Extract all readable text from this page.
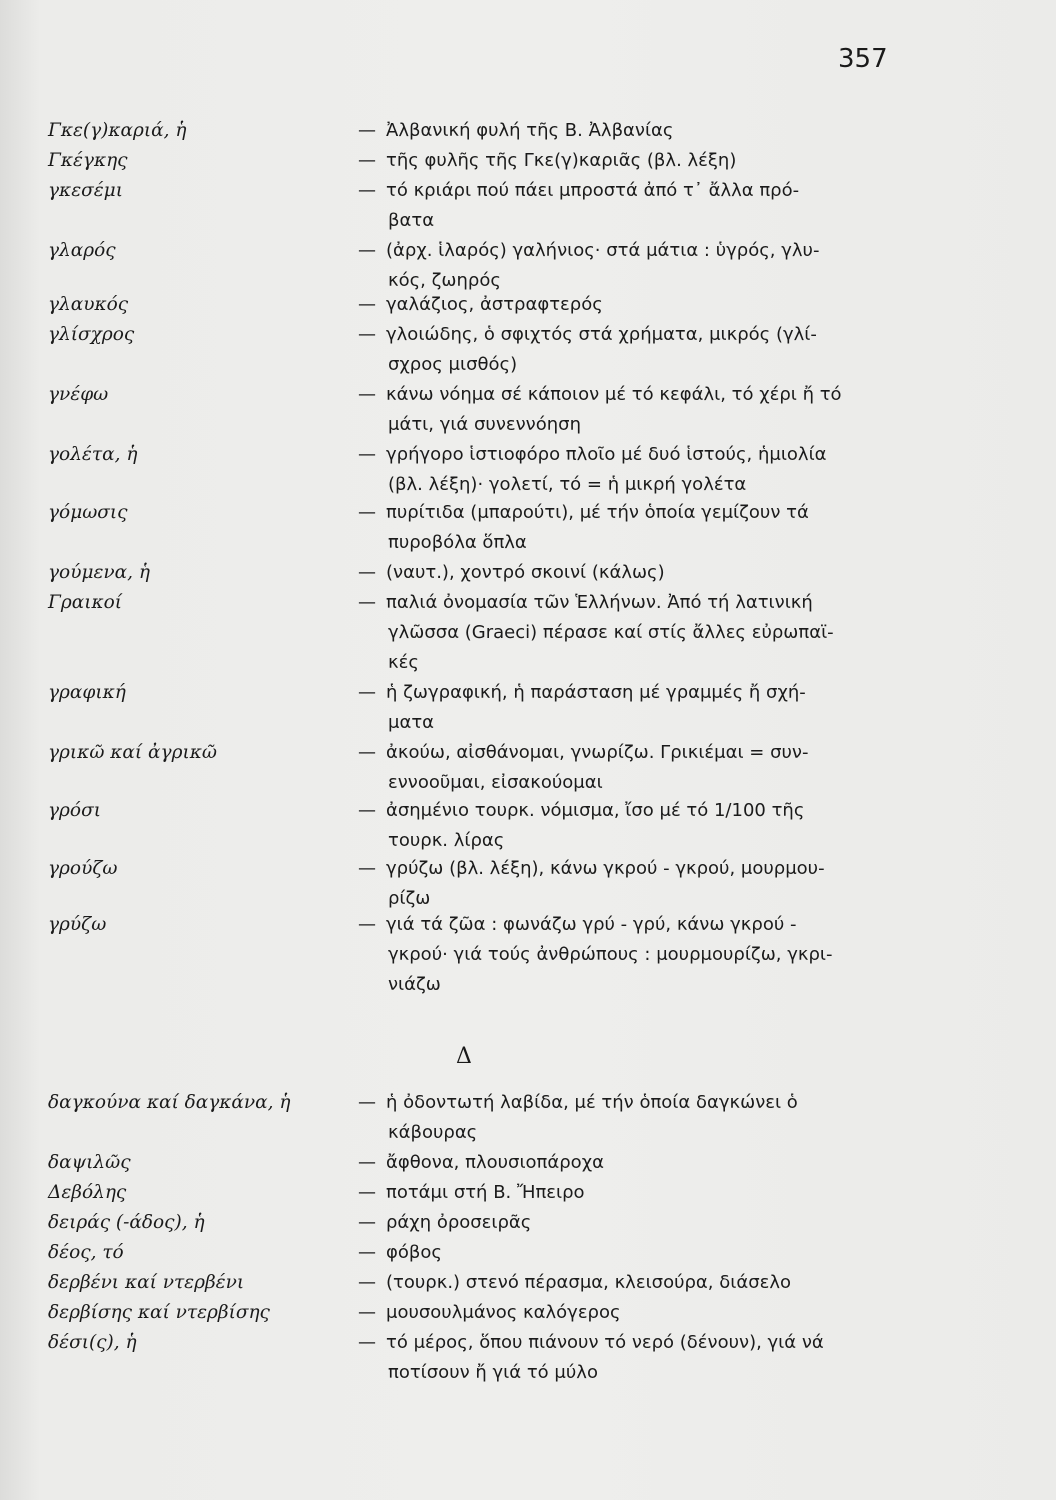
357
Γκε(γ)καριά, ἡ	— Ἀλβανική φυλή τῆς Β. Ἀλβανίας
Γκέγκης	— τῆς φυλῆς τῆς Γκε(γ)καριᾶς (βλ. λέξη)
γκεσέμι	— τό κριάρι πού πάει μπροστά ἀπό τ᾿ ἄλλα πρό-
βατα
γλαρός	— (ἀρχ. ἱλαρός) γαλήνιος· στά μάτια : ὑγρός, γλυ-
κός, ζωηρός
γλαυκός	— γαλάζιος, ἀστραφτερός
γλίσχρος	— γλοιώδης, ὁ σφιχτός στά χρήματα, μικρός (γλί-
σχρος μισθός)
γνέφω	— κάνω νόημα σέ κάποιον μέ τό κεφάλι, τό χέρι ἤ τό
μάτι, γιά συνεννόηση
γολέτα, ἡ	— γρήγορο ἱστιοφόρο πλοῖο μέ δυό ἱστούς, ἡμιολία
(βλ. λέξη)· γολετί, τό = ἡ μικρή γολέτα
γόμωσις	— πυρίτιδα (μπαρούτι), μέ τήν ὁποία γεμίζουν τά
πυροβόλα ὅπλα
γούμενα, ἡ	— (ναυτ.), χοντρό σκοινί (κάλως)
Γραικοί	— παλιά ὀνομασία τῶν Ἑλλήνων. Ἀπό τή λατινική
γλῶσσα (Graeci) πέρασε καί στίς ἄλλες εὐρωπαϊ-
κές
γραφική	— ἡ ζωγραφική, ἡ παράσταση μέ γραμμές ἤ σχή-
ματα
γρικῶ καί ἀγρικῶ	— ἀκούω, αἰσθάνομαι, γνωρίζω. Γρικιέμαι = συν-
εννοοῦμαι, εἰσακούομαι
γρόσι	— ἀσημένιο τουρκ. νόμισμα, ἴσο μέ τό 1/100 τῆς
τουρκ. λίρας
γρούζω	— γρύζω (βλ. λέξη), κάνω γκρού - γκρού, μουρμου-
ρίζω
γρύζω	— γιά τά ζῶα : φωνάζω γρύ - γρύ, κάνω γκρού -
γκρού· γιά τούς ἀνθρώπους : μουρμουρίζω, γκρι-
νιάζω
δαγκούνα καί δαγκάνα, ἡ	— ἡ ὀδοντωτή λαβίδα, μέ τήν ὁποία δαγκώνει ὁ
κάβουρας
δαψιλῶς	— ἄφθονα, πλουσιοπάροχα
Δεβόλης	— ποτάμι στή Β. Ἤπειρο
δειράς (-άδος), ἡ	— ράχη ὀροσειρᾶς
δέος, τό	— φόβος
δερβένι καί ντερβένι	— (τουρκ.) στενό πέρασμα, κλεισούρα, διάσελο
δερβίσης καί ντερβίσης	— μουσουλμάνος καλόγερος
δέσι(ς), ἡ	— τό μέρος, ὅπου πιάνουν τό νερό (δένουν), γιά νά
ποτίσουν ἤ γιά τό μύλο
Δ
